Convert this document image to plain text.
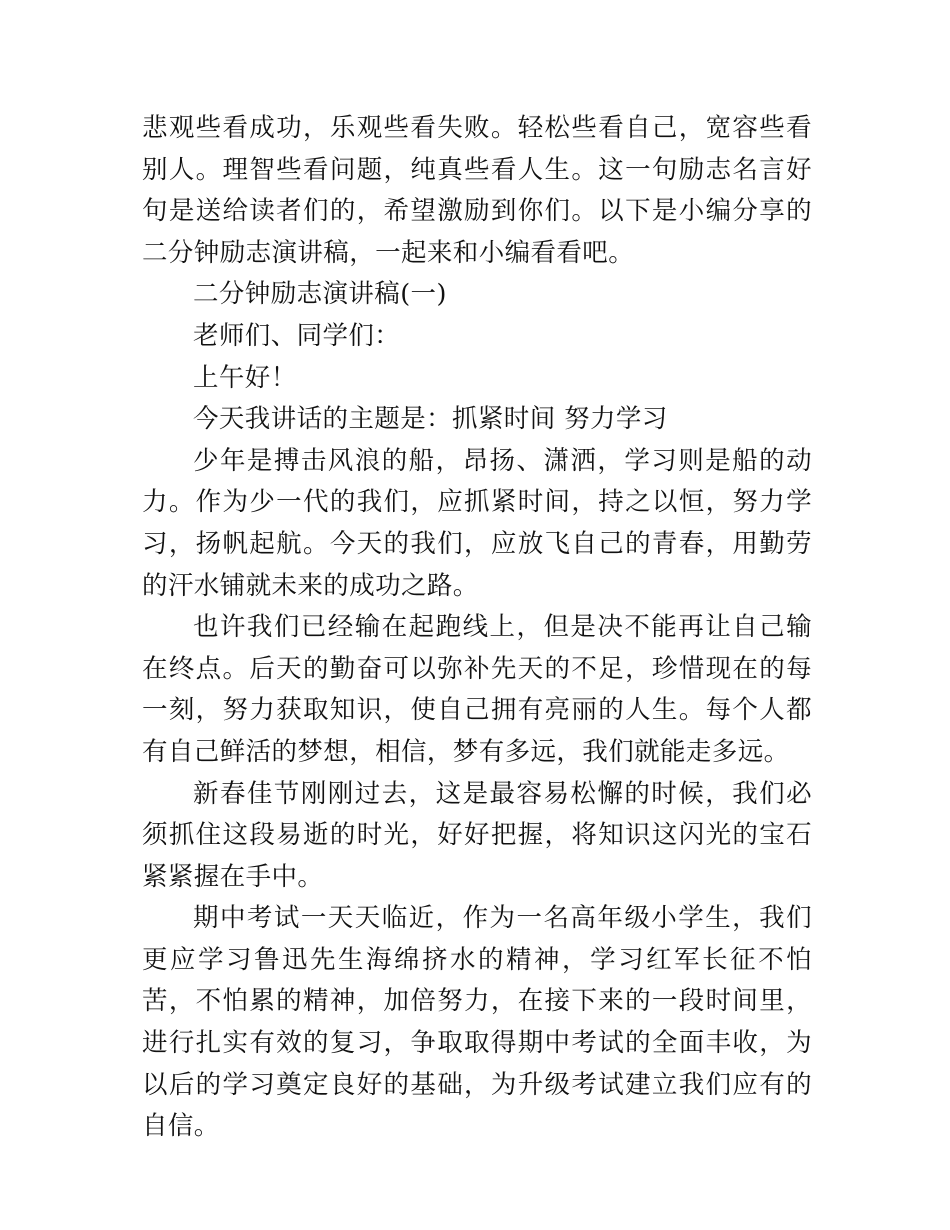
悲观些看成功，乐观些看失败。轻松些看自己，宽容些看别人。理智些看问题，纯真些看人生。这一句励志名言好句是送给读者们的，希望激励到你们。以下是小编分享的二分钟励志演讲稿，一起来和小编看看吧。

二分钟励志演讲稿(一)

老师们、同学们：

上午好！

今天我讲话的主题是：抓紧时间 努力学习

少年是搏击风浪的船，昂扬、潇洒，学习则是船的动力。作为少一代的我们，应抓紧时间，持之以恒，努力学习，扬帆起航。今天的我们，应放飞自己的青春，用勤劳的汗水铺就未来的成功之路。

也许我们已经输在起跑线上，但是决不能再让自己输在终点。后天的勤奋可以弥补先天的不足，珍惜现在的每一刻，努力获取知识，使自己拥有亮丽的人生。每个人都有自己鲜活的梦想，相信，梦有多远，我们就能走多远。

新春佳节刚刚过去，这是最容易松懈的时候，我们必须抓住这段易逝的时光，好好把握，将知识这闪光的宝石紧紧握在手中。

期中考试一天天临近，作为一名高年级小学生，我们更应学习鲁迅先生海绵挤水的精神，学习红军长征不怕苦，不怕累的精神，加倍努力，在接下来的一段时间里，进行扎实有效的复习，争取取得期中考试的全面丰收，为以后的学习奠定良好的基础，为升级考试建立我们应有的自信。
